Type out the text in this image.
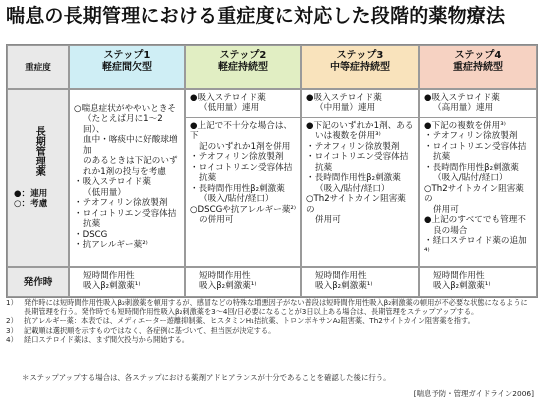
喘息の長期管理における重症度に対応した段階的薬物療法
重症度
ステップ1
軽症間欠型
ステップ2
軽症持続型
ステップ3
中等症持続型
ステップ4
重症持続型
長期管理薬
●：連用
○：考慮
○喘息症状がややいときそ
（たとえば月に1〜2回）、
血中・喀痰中に好酸球増加
のあるときは下記のいず
れか1剤の投与を考慮
・吸入ステロイド薬
（低用量）
・テオフィリン徐放製剤
・ロイコトリエン受容体拮
抗薬
・DSCG
・抗アレルギー薬²⁾
●吸入ステロイド薬
（低用量）連用
●上記で不十分な場合は、下
記のいずれか1剤を併用
・テオフィリン徐放製剤
・ロイコトリエン受容体拮
抗薬
・長時間作用性β₂刺激薬
（吸入/貼付/経口）
○DSCGや抗アレルギー薬²⁾
の併用可
●吸入ステロイド薬
（中用量）連用
●下記のいずれか1剤、ある
いは複数を併用³⁾
・テオフィリン徐放製剤
・ロイコトリエン受容体拮
抗薬
・長時間作用性β₂刺激薬
（吸入/貼付/経口）
○Th2サイトカイン阻害薬の
併用可
●吸入ステロイド薬
（高用量）連用
●下記の複数を併用³⁾
・テオフィリン徐放製剤
・ロイコトリエン受容体拮
抗薬
・長時間作用性β₂刺激薬
（吸入/貼付/経口）
○Th2サイトカイン阻害薬の
併用可
●上記のすべてでも管理不
良の場合
・経口ステロイド薬の追加⁴⁾
発作時
短時間作用性
吸入β₂刺激薬¹⁾
短時間作用性
吸入β₂刺激薬¹⁾
短時間作用性
吸入β₂刺激薬¹⁾
短時間作用性
吸入β₂刺激薬¹⁾
1） 発作時には短時間作用性吸入β₂刺激薬を頓用するが、感冒などの特殊な増悪因子がない普段は短時間作用性吸入β₂刺激薬の頓用が不必要な状態になるように長期管理を行う。発作時でも短時間作用性吸入β₂刺激薬を3〜4回/日必要になることが3日以上ある場合は、長期管理をステップアップする。
2） 抗アレルギー薬：本表では、メディエーター遊離抑制薬、ヒスタミンH₁拮抗薬、トロンボキサンA₂阻害薬、Th2サイトカイン阻害薬を指す。
3） 記載順は選択順を示すものではなく、各症例に基づいて、担当医が決定する。
4） 経口ステロイド薬は、まず間欠投与から開始する。
＊ステップアップする場合は、各ステップにおける薬剤アドヒアランスが十分であることを確認した後に行う。
[喘息予防・管理ガイドライン2006]
